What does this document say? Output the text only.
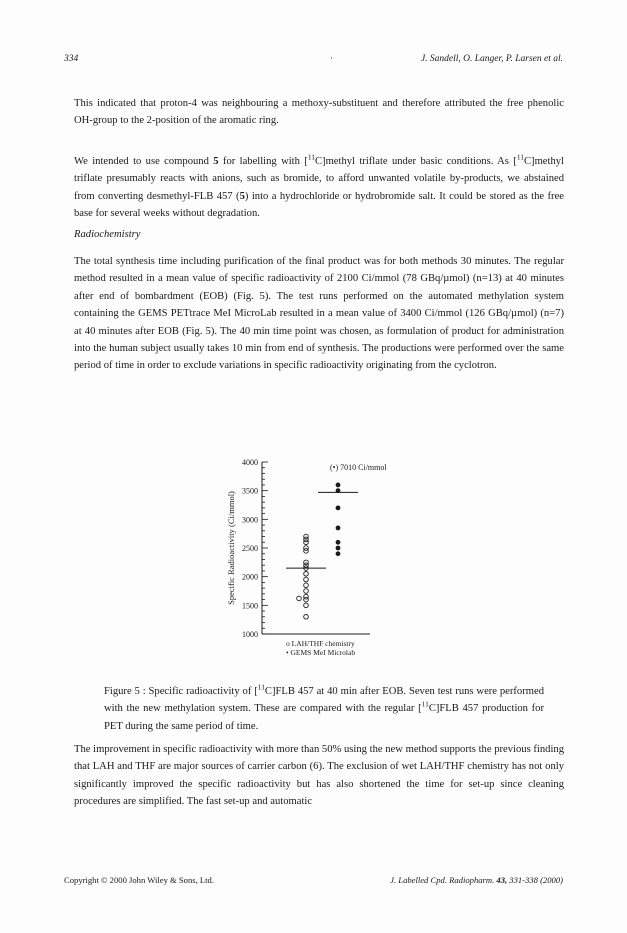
334	·	J. Sandell, O. Langer, P. Larsen et al.
This indicated that proton-4 was neighbouring a methoxy-substituent and therefore attributed the free phenolic OH-group to the 2-position of the aromatic ring.
We intended to use compound 5 for labelling with [$^{11}$C]methyl triflate under basic conditions. As [$^{11}$C]methyl triflate presumably reacts with anions, such as bromide, to afford unwanted volatile by-products, we abstained from converting desmethyl-FLB 457 (5) into a hydrochloride or hydrobromide salt. It could be stored as the free base for several weeks without degradation.
Radiochemistry
The total synthesis time including purification of the final product was for both methods 30 minutes. The regular method resulted in a mean value of specific radioactivity of 2100 Ci/mmol (78 GBq/µmol) (n=13) at 40 minutes after end of bombardment (EOB) (Fig. 5). The test runs performed on the automated methylation system containing the GEMS PETtrace MeI MicroLab resulted in a mean value of 3400 Ci/mmol (126 GBq/µmol) (n=7) at 40 minutes after EOB (Fig. 5). The 40 min time point was chosen, as formulation of product for administration into the human subject usually takes 10 min from end of synthesis. The productions were performed over the same period of time in order to exclude variations in specific radioactivity originating from the cyclotron.
1000
1500
2000
2500
3000
3500
4000
Specific Radioactivity (Ci/mmol)
(•) 7010 Ci/mmol
o LAH/THF chemistry
• GEMS MeI Microlab
Figure 5 : Specific radioactivity of [$^{11}$C]FLB 457 at 40 min after EOB. Seven test runs were performed with the new methylation system. These are compared with the regular [$^{11}$C]FLB 457 production for PET during the same period of time.
The improvement in specific radioactivity with more than 50% using the new method supports the previous finding that LAH and THF are major sources of carrier carbon (6). The exclusion of wet LAH/THF chemistry has not only significantly improved the specific radioactivity but has also shortened the time for set-up since cleaning procedures are simplified. The fast set-up and automatic
Copyright © 2000 John Wiley & Sons, Ltd.	J. Labelled Cpd. Radiopharm. 43, 331-338 (2000)
